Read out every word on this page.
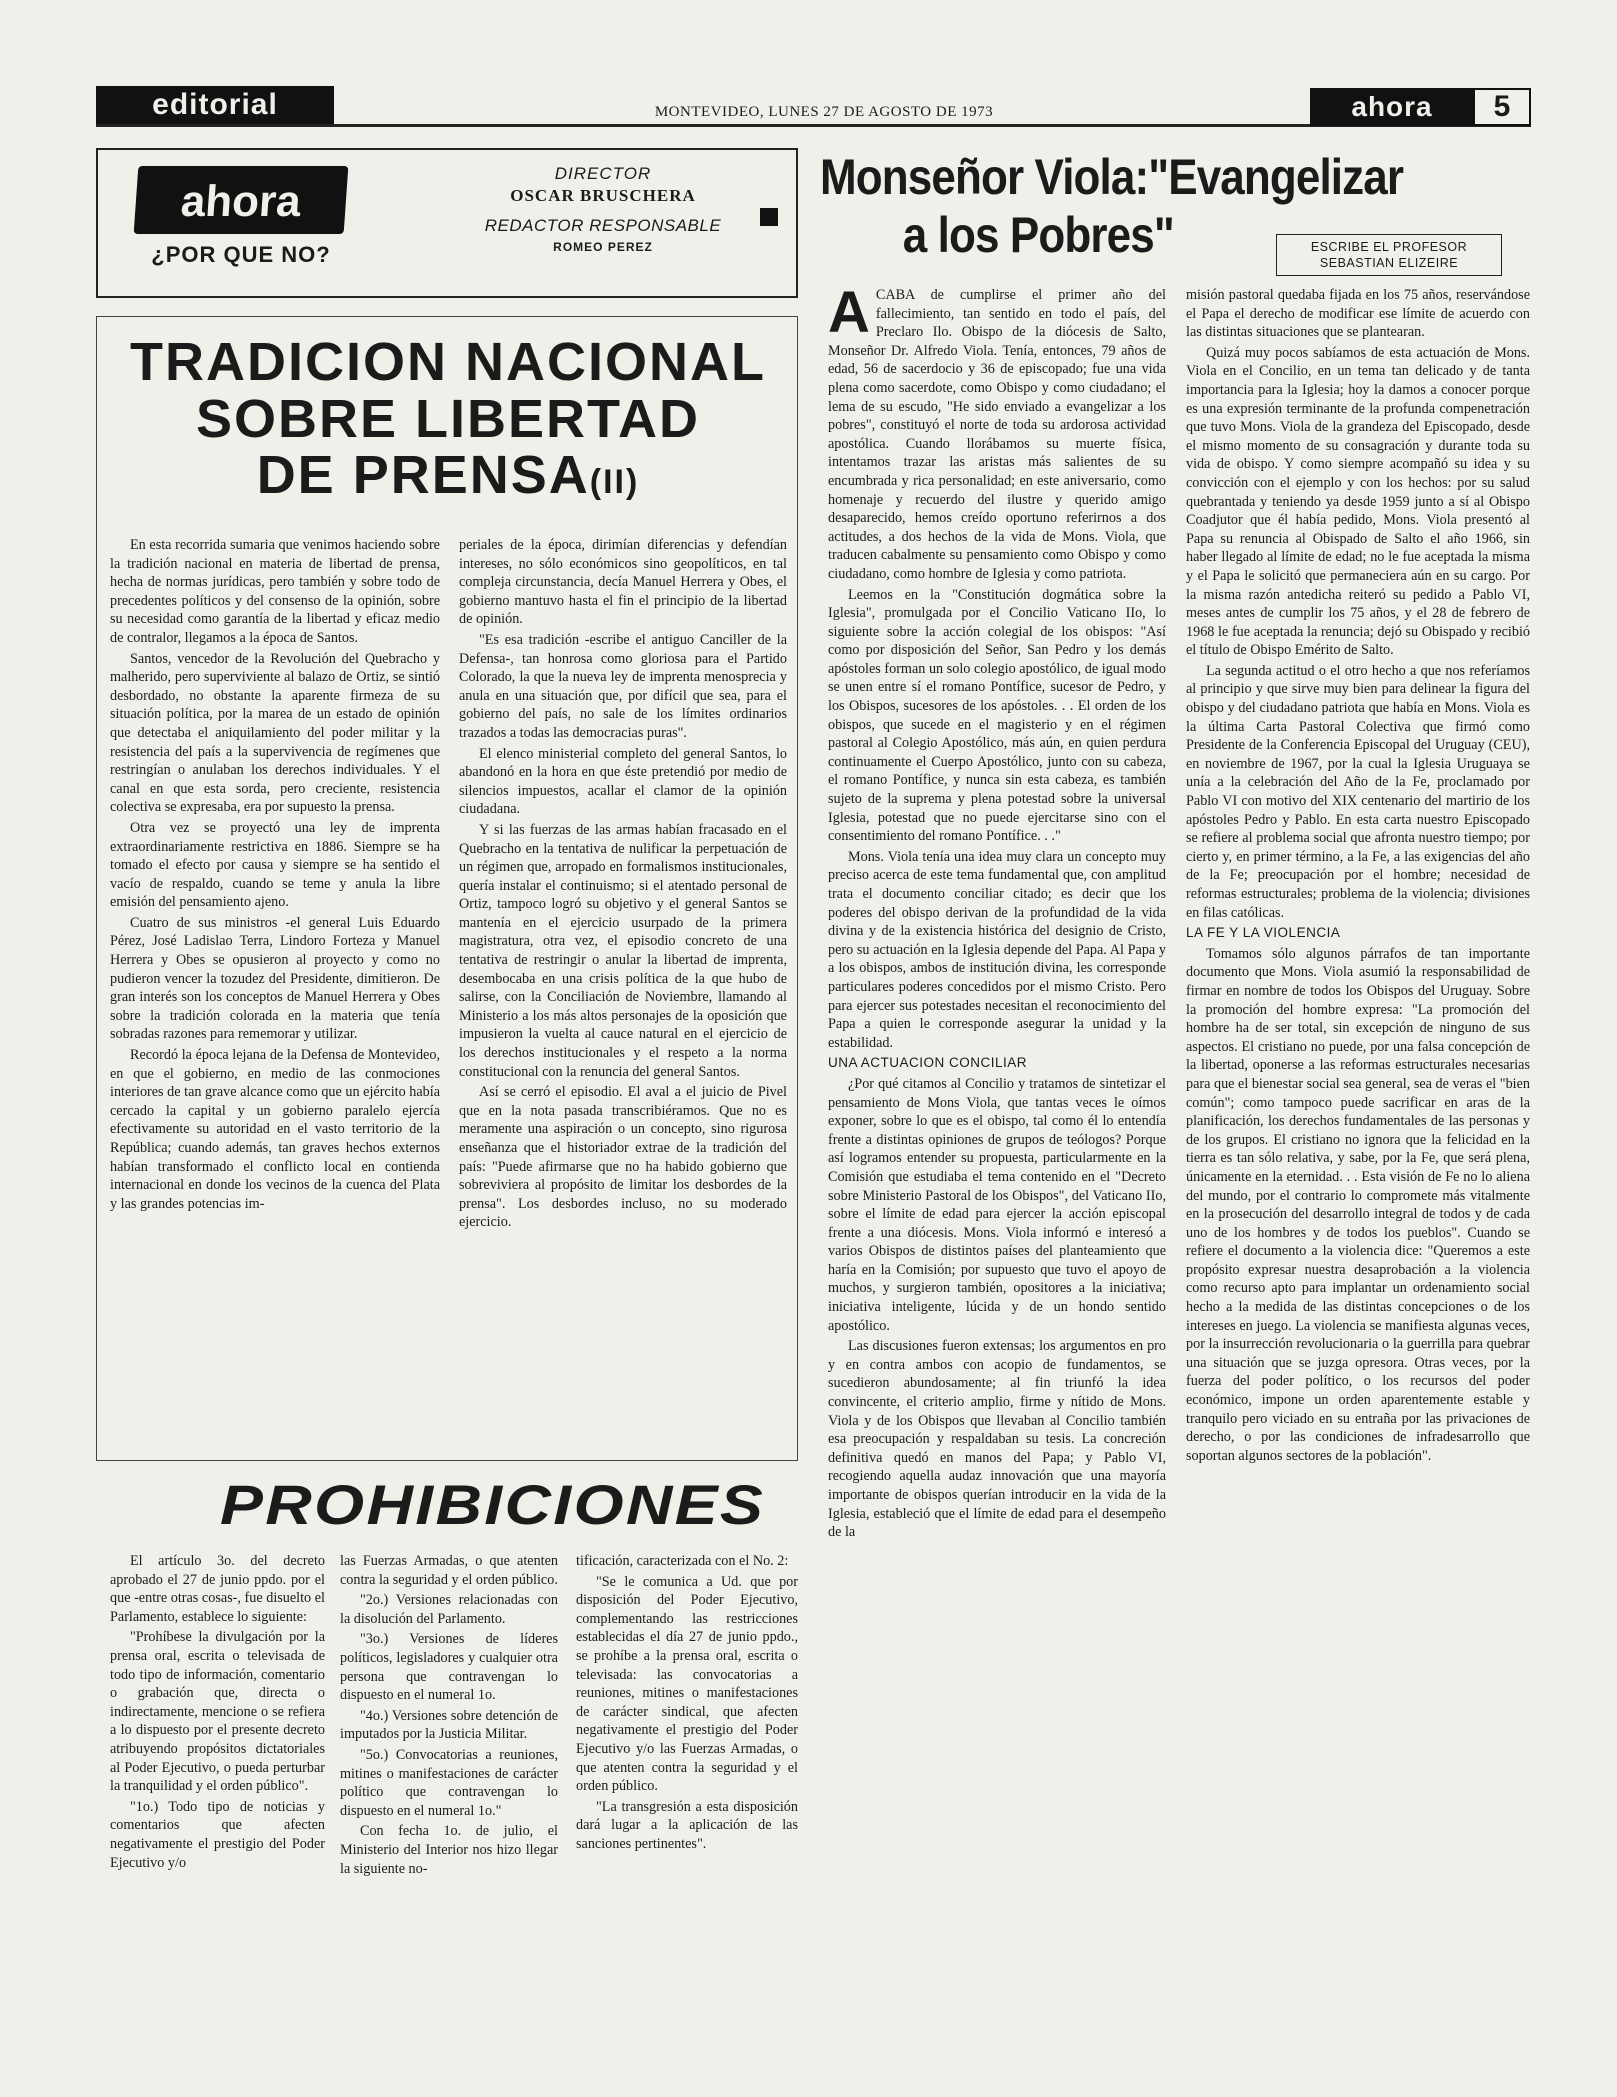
editorial	MONTEVIDEO, LUNES 27 DE AGOSTO DE 1973	ahora	5
ahora
¿POR QUE NO?
DIRECTOR
OSCAR BRUSCHERA
REDACTOR RESPONSABLE
ROMEO PEREZ
TRADICION NACIONAL
SOBRE LIBERTAD
DE PRENSA(II)

En esta recorrida sumaria que venimos haciendo sobre la tradición nacional en materia de libertad de prensa, hecha de normas jurídicas, pero también y sobre todo de precedentes políticos y del consenso de la opinión, sobre su necesidad como garantía de la libertad y eficaz medio de contralor, llegamos a la época de Santos.

Santos, vencedor de la Revolución del Quebracho y malherido, pero superviviente al balazo de Ortiz, se sintió desbordado, no obstante la aparente firmeza de su situación política, por la marea de un estado de opinión que detectaba el aniquilamiento del poder militar y la resistencia del país a la supervivencia de regímenes que restringían o anulaban los derechos individuales. Y el canal en que esta sorda, pero creciente, resistencia colectiva se expresaba, era por supuesto la prensa.

Otra vez se proyectó una ley de imprenta extraordinariamente restrictiva en 1886. Siempre se ha tomado el efecto por causa y siempre se ha sentido el vacío de respaldo, cuando se teme y anula la libre emisión del pensamiento ajeno.

Cuatro de sus ministros -el general Luis Eduardo Pérez, José Ladislao Terra, Lindoro Forteza y Manuel Herrera y Obes se opusieron al proyecto y como no pudieron vencer la tozudez del Presidente, dimitieron. De gran interés son los conceptos de Manuel Herrera y Obes sobre la tradición colorada en la materia que tenía sobradas razones para rememorar y utilizar.

Recordó la época lejana de la Defensa de Montevideo, en que el gobierno, en medio de las conmociones interiores de tan grave alcance como que un ejército había cercado la capital y un gobierno paralelo ejercía efectivamente su autoridad en el vasto territorio de la República; cuando además, tan graves hechos externos habían transformado el conflicto local en contienda internacional en donde los vecinos de la cuenca del Plata y las grandes potencias im-

periales de la época, dirimían diferencias y defendían intereses, no sólo económicos sino geopolíticos, en tal compleja circunstancia, decía Manuel Herrera y Obes, el gobierno mantuvo hasta el fin el principio de la libertad de opinión.

"Es esa tradición -escribe el antiguo Canciller de la Defensa-, tan honrosa como gloriosa para el Partido Colorado, la que la nueva ley de imprenta menosprecia y anula en una situación que, por difícil que sea, para el gobierno del país, no sale de los límites ordinarios trazados a todas las democracias puras".

El elenco ministerial completo del general Santos, lo abandonó en la hora en que éste pretendió por medio de silencios impuestos, acallar el clamor de la opinión ciudadana.

Y si las fuerzas de las armas habían fracasado en el Quebracho en la tentativa de nulificar la perpetuación de un régimen que, arropado en formalismos institucionales, quería instalar el continuismo; si el atentado personal de Ortiz, tampoco logró su objetivo y el general Santos se mantenía en el ejercicio usurpado de la primera magistratura, otra vez, el episodio concreto de una tentativa de restringir o anular la libertad de imprenta, desembocaba en una crisis política de la que hubo de salirse, con la Conciliación de Noviembre, llamando al Ministerio a los más altos personajes de la oposición que impusieron la vuelta al cauce natural en el ejercicio de los derechos institucionales y el respeto a la norma constitucional con la renuncia del general Santos.

Así se cerró el episodio. El aval a el juicio de Pivel que en la nota pasada transcribiéramos. Que no es meramente una aspiración o un concepto, sino rigurosa enseñanza que el historiador extrae de la tradición del país: "Puede afirmarse que no ha habido gobierno que sobreviviera al propósito de limitar los desbordes de la prensa". Los desbordes incluso, no su moderado ejercicio.

PROHIBICIONES

El artículo 3o. del decreto aprobado el 27 de junio ppdo. por el que -entre otras cosas-, fue disuelto el Parlamento, establece lo siguiente:

"Prohíbese la divulgación por la prensa oral, escrita o televisada de todo tipo de información, comentario o grabación que, directa o indirectamente, mencione o se refiera a lo dispuesto por el presente decreto atribuyendo propósitos dictatoriales al Poder Ejecutivo, o pueda perturbar la tranquilidad y el orden público".

"1o.) Todo tipo de noticias y comentarios que afecten negativamente el prestigio del Poder Ejecutivo y/o

las Fuerzas Armadas, o que atenten contra la seguridad y el orden público.

"2o.) Versiones relacionadas con la disolución del Parlamento.

"3o.) Versiones de líderes políticos, legisladores y cualquier otra persona que contravengan lo dispuesto en el numeral 1o.

"4o.) Versiones sobre detención de imputados por la Justicia Militar.

"5o.) Convocatorias a reuniones, mitines o manifestaciones de carácter político que contravengan lo dispuesto en el numeral 1o."

Con fecha 1o. de julio, el Ministerio del Interior nos hizo llegar la siguiente no-

tificación, caracterizada con el No. 2:

"Se le comunica a Ud. que por disposición del Poder Ejecutivo, complementando las restricciones establecidas el día 27 de junio ppdo., se prohíbe a la prensa oral, escrita o televisada: las convocatorias a reuniones, mitines o manifestaciones de carácter sindical, que afecten negativamente el prestigio del Poder Ejecutivo y/o las Fuerzas Armadas, o que atenten contra la seguridad y el orden público.

"La transgresión a esta disposición dará lugar a la aplicación de las sanciones pertinentes".

Monseñor Viola:"Evangelizar
a los Pobres"	ESCRIBE EL PROFESOR
SEBASTIAN ELIZEIRE

ACABA de cumplirse el primer año del fallecimiento, tan sentido en todo el país, del Preclaro Ilo. Obispo de la diócesis de Salto, Monseñor Dr. Alfredo Viola. Tenía, entonces, 79 años de edad, 56 de sacerdocio y 36 de episcopado; fue una vida plena como sacerdote, como Obispo y como ciudadano; el lema de su escudo, "He sido enviado a evangelizar a los pobres", constituyó el norte de toda su ardorosa actividad apostólica. Cuando llorábamos su muerte física, intentamos trazar las aristas más salientes de su encumbrada y rica personalidad; en este aniversario, como homenaje y recuerdo del ilustre y querido amigo desaparecido, hemos creído oportuno referirnos a dos actitudes, a dos hechos de la vida de Mons. Viola, que traducen cabalmente su pensamiento como Obispo y como ciudadano, como hombre de Iglesia y como patriota.

Leemos en la "Constitución dogmática sobre la Iglesia", promulgada por el Concilio Vaticano IIo, lo siguiente sobre la acción colegial de los obispos: "Así como por disposición del Señor, San Pedro y los demás apóstoles forman un solo colegio apostólico, de igual modo se unen entre sí el romano Pontífice, sucesor de Pedro, y los Obispos, sucesores de los apóstoles. . . El orden de los obispos, que sucede en el magisterio y en el régimen pastoral al Colegio Apostólico, más aún, en quien perdura continuamente el Cuerpo Apostólico, junto con su cabeza, el romano Pontífice, y nunca sin esta cabeza, es también sujeto de la suprema y plena potestad sobre la universal Iglesia, potestad que no puede ejercitarse sino con el consentimiento del romano Pontífice. . ."

Mons. Viola tenía una idea muy clara un concepto muy preciso acerca de este tema fundamental que, con amplitud trata el documento conciliar citado; es decir que los poderes del obispo derivan de la profundidad de la vida divina y de la existencia histórica del designio de Cristo, pero su actuación en la Iglesia depende del Papa. Al Papa y a los obispos, ambos de institución divina, les corresponde particulares poderes concedidos por el mismo Cristo. Pero para ejercer sus potestades necesitan el reconocimiento del Papa a quien le corresponde asegurar la unidad y la estabilidad.

UNA ACTUACION CONCILIAR

¿Por qué citamos al Concilio y tratamos de sintetizar el pensamiento de Mons Viola, que tantas veces le oímos exponer, sobre lo que es el obispo, tal como él lo entendía frente a distintas opiniones de grupos de teólogos? Porque así logramos entender su propuesta, particularmente en la Comisión que estudiaba el tema contenido en el "Decreto sobre Ministerio Pastoral de los Obispos", del Vaticano IIo, sobre el límite de edad para ejercer la acción episcopal frente a una diócesis. Mons. Viola informó e interesó a varios Obispos de distintos países del planteamiento que haría en la Comisión; por supuesto que tuvo el apoyo de muchos, y surgieron también, opositores a la iniciativa; iniciativa inteligente, lúcida y de un hondo sentido apostólico.

Las discusiones fueron extensas; los argumentos en pro y en contra ambos con acopio de fundamentos, se sucedieron abundosamente; al fin triunfó la idea convincente, el criterio amplio, firme y nítido de Mons. Viola y de los Obispos que llevaban al Concilio también esa preocupación y respaldaban su tesis. La concreción definitiva quedó en manos del Papa; y Pablo VI, recogiendo aquella audaz innovación que una mayoría importante de obispos querían introducir en la vida de la Iglesia, estableció que el límite de edad para el desempeño de la

misión pastoral quedaba fijada en los 75 años, reservándose el Papa el derecho de modificar ese límite de acuerdo con las distintas situaciones que se plantearan.

Quizá muy pocos sabíamos de esta actuación de Mons. Viola en el Concilio, en un tema tan delicado y de tanta importancia para la Iglesia; hoy la damos a conocer porque es una expresión terminante de la profunda compenetración que tuvo Mons. Viola de la grandeza del Episcopado, desde el mismo momento de su consagración y durante toda su vida de obispo. Y como siempre acompañó su idea y su convicción con el ejemplo y con los hechos: por su salud quebrantada y teniendo ya desde 1959 junto a sí al Obispo Coadjutor que él había pedido, Mons. Viola presentó al Papa su renuncia al Obispado de Salto el año 1966, sin haber llegado al límite de edad; no le fue aceptada la misma y el Papa le solicitó que permaneciera aún en su cargo. Por la misma razón antedicha reiteró su pedido a Pablo VI, meses antes de cumplir los 75 años, y el 28 de febrero de 1968 le fue aceptada la renuncia; dejó su Obispado y recibió el título de Obispo Emérito de Salto.

La segunda actitud o el otro hecho a que nos referíamos al principio y que sirve muy bien para delinear la figura del obispo y del ciudadano patriota que había en Mons. Viola es la última Carta Pastoral Colectiva que firmó como Presidente de la Conferencia Episcopal del Uruguay (CEU), en noviembre de 1967, por la cual la Iglesia Uruguaya se unía a la celebración del Año de la Fe, proclamado por Pablo VI con motivo del XIX centenario del martirio de los apóstoles Pedro y Pablo. En esta carta nuestro Episcopado se refiere al problema social que afronta nuestro tiempo; por cierto y, en primer término, a la Fe, a las exigencias del año de la Fe; preocupación por el hombre; necesidad de reformas estructurales; problema de la violencia; divisiones en filas católicas.

LA FE Y LA VIOLENCIA

Tomamos sólo algunos párrafos de tan importante documento que Mons. Viola asumió la responsabilidad de firmar en nombre de todos los Obispos del Uruguay. Sobre la promoción del hombre expresa: "La promoción del hombre ha de ser total, sin excepción de ninguno de sus aspectos. El cristiano no puede, por una falsa concepción de la libertad, oponerse a las reformas estructurales necesarias para que el bienestar social sea general, sea de veras el "bien común"; como tampoco puede sacrificar en aras de la planificación, los derechos fundamentales de las personas y de los grupos. El cristiano no ignora que la felicidad en la tierra es tan sólo relativa, y sabe, por la Fe, que será plena, únicamente en la eternidad. . . Esta visión de Fe no lo aliena del mundo, por el contrario lo compromete más vitalmente en la prosecución del desarrollo integral de todos y de cada uno de los hombres y de todos los pueblos". Cuando se refiere el documento a la violencia dice: "Queremos a este propósito expresar nuestra desaprobación a la violencia como recurso apto para implantar un ordenamiento social hecho a la medida de las distintas concepciones o de los intereses en juego. La violencia se manifiesta algunas veces, por la insurrección revolucionaria o la guerrilla para quebrar una situación que se juzga opresora. Otras veces, por la fuerza del poder político, o los recursos del poder económico, impone un orden aparentemente estable y tranquilo pero viciado en su entraña por las privaciones de derecho, o por las condiciones de infradesarrollo que soportan algunos sectores de la población".
